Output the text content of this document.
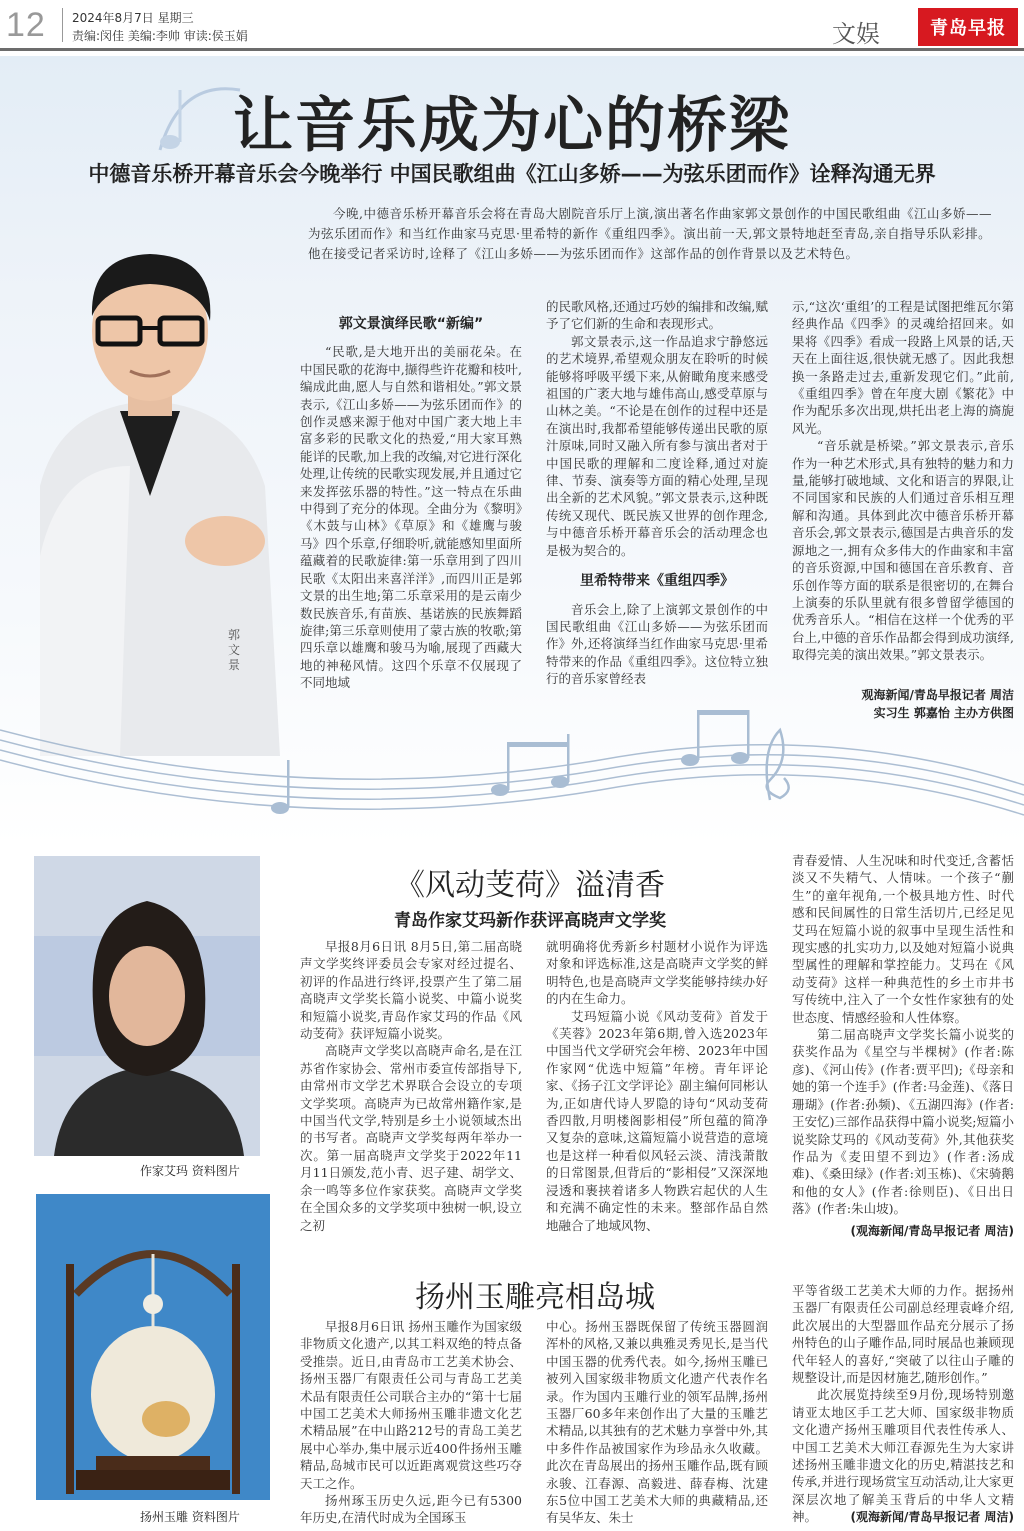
12 2024年8月7日 星期三
责编:闵佳 美编:李帅 审读:侯玉娟	文娱	青岛早报
让音乐成为心的桥梁
中德音乐桥开幕音乐会今晚举行 中国民歌组曲《江山多娇——为弦乐团而作》诠释沟通无界
今晚,中德音乐桥开幕音乐会将在青岛大剧院音乐厅上演,演出著名作曲家郭文景创作的中国民歌组曲《江山多娇——为弦乐团而作》和当红作曲家马克思·里希特的新作《重组四季》。演出前一天,郭文景特地赶至青岛,亲自指导乐队彩排。他在接受记者采访时,诠释了《江山多娇——为弦乐团而作》这部作品的创作背景以及艺术特色。
郭文景
郭文景演绎民歌“新编”

“民歌,是大地开出的美丽花朵。在中国民歌的花海中,撷得些许花瓣和枝叶,编成此曲,愿人与自然和谐相处。”郭文景表示,《江山多娇——为弦乐团而作》的创作灵感来源于他对中国广袤大地上丰富多彩的民歌文化的热爱,“用大家耳熟能详的民歌,加上我的改编,对它进行深化处理,让传统的民歌实现发展,并且通过它来发挥弦乐器的特性。”这一特点在乐曲中得到了充分的体现。全曲分为《黎明》《木鼓与山林》《草原》和《雄鹰与骏马》四个乐章,仔细聆听,就能感知里面所蕴藏着的民歌旋律:第一乐章用到了四川民歌《太阳出来喜洋洋》,而四川正是郭文景的出生地;第二乐章采用的是云南少数民族音乐,有苗族、基诺族的民族舞蹈旋律;第三乐章则使用了蒙古族的牧歌;第四乐章以雄鹰和骏马为喻,展现了西藏大地的神秘风情。这四个乐章不仅展现了不同地域

的民歌风格,还通过巧妙的编排和改编,赋予了它们新的生命和表现形式。

郭文景表示,这一作品追求宁静悠远的艺术境界,希望观众朋友在聆听的时候能够将呼吸平缓下来,从俯瞰角度来感受祖国的广袤大地与雄伟高山,感受草原与山林之美。“不论是在创作的过程中还是在演出时,我都希望能够传递出民歌的原汁原味,同时又融入所有参与演出者对于中国民歌的理解和二度诠释,通过对旋律、节奏、演奏等方面的精心处理,呈现出全新的艺术风貌。”郭文景表示,这种既传统又现代、既民族又世界的创作理念,与中德音乐桥开幕音乐会的活动理念也是极为契合的。

里希特带来《重组四季》

音乐会上,除了上演郭文景创作的中国民歌组曲《江山多娇——为弦乐团而作》外,还将演绎当红作曲家马克思·里希特带来的作品《重组四季》。这位特立独行的音乐家曾经表

示,“这次‘重组’的工程是试图把维瓦尔第经典作品《四季》的灵魂给招回来。如果将《四季》看成一段路上风景的话,天天在上面往返,很快就无感了。因此我想换一条路走过去,重新发现它们。”此前,《重组四季》曾在年度大剧《繁花》中作为配乐多次出现,烘托出老上海的旖旎风光。

“音乐就是桥梁。”郭文景表示,音乐作为一种艺术形式,具有独特的魅力和力量,能够打破地域、文化和语言的界限,让不同国家和民族的人们通过音乐相互理解和沟通。具体到此次中德音乐桥开幕音乐会,郭文景表示,德国是古典音乐的发源地之一,拥有众多伟大的作曲家和丰富的音乐资源,中国和德国在音乐教育、音乐创作等方面的联系是很密切的,在舞台上演奏的乐队里就有很多曾留学德国的优秀音乐人。“相信在这样一个优秀的平台上,中德的音乐作品都会得到成功演绎,取得完美的演出效果。”郭文景表示。

观海新闻/青岛早报记者 周洁
实习生 郭嘉怡 主办方供图
作家艾玛 资料图片
《风动芰荷》溢清香
青岛作家艾玛新作获评高晓声文学奖

早报8月6日讯 8月5日,第二届高晓声文学奖终评委员会专家对经过提名、初评的作品进行终评,投票产生了第二届高晓声文学奖长篇小说奖、中篇小说奖和短篇小说奖,青岛作家艾玛的作品《风动芰荷》获评短篇小说奖。

高晓声文学奖以高晓声命名,是在江苏省作家协会、常州市委宣传部指导下,由常州市文学艺术界联合会设立的专项文学奖项。高晓声为已故常州籍作家,是中国当代文学,特别是乡土小说领域杰出的书写者。高晓声文学奖每两年举办一次。第一届高晓声文学奖于2022年11月11日颁发,范小青、迟子建、胡学文、余一鸣等多位作家获奖。高晓声文学奖在全国众多的文学奖项中独树一帜,设立之初

就明确将优秀新乡村题材小说作为评选对象和评选标准,这是高晓声文学奖的鲜明特色,也是高晓声文学奖能够持续办好的内在生命力。

艾玛短篇小说《风动芰荷》首发于《芙蓉》2023年第6期,曾入选2023年中国当代文学研究会年榜、2023年中国作家网“优选中短篇”年榜。青年评论家、《扬子江文学评论》副主编何同彬认为,正如唐代诗人罗隐的诗句“风动芰荷香四散,月明楼阁影相侵”所包蕴的简净又复杂的意味,这篇短篇小说营造的意境也是这样一种看似风轻云淡、清浅萧散的日常图景,但背后的“影相侵”又深深地浸透和裹挟着诸多人物跌宕起伏的人生和充满不确定性的未来。整部作品自然地融合了地域风物、

青春爱情、人生况味和时代变迁,含蓄恬淡又不失精气、人情味。一个孩子“蒯生”的童年视角,一个极具地方性、时代感和民间属性的日常生活切片,已经足见艾玛在短篇小说的叙事中呈现生活性和现实感的扎实功力,以及她对短篇小说典型属性的理解和掌控能力。艾玛在《风动芰荷》这样一种典范性的乡土市井书写传统中,注入了一个女性作家独有的处世态度、情感经验和人性体察。

第二届高晓声文学奖长篇小说奖的获奖作品为《星空与半棵树》(作者:陈彦)、《河山传》(作者:贾平凹);《母亲和她的第一个连手》(作者:马金莲)、《落日珊瑚》(作者:孙频)、《五湖四海》(作者:王安忆)三部作品获得中篇小说奖;短篇小说奖除艾玛的《风动芰荷》外,其他获奖作品为《麦田望不到边》(作者:汤成难)、《桑田绿》(作者:刘玉栋)、《宋骑鹅和他的女人》(作者:徐则臣)、《日出日落》(作者:朱山坡)。

(观海新闻/青岛早报记者 周洁)
扬州玉雕 资料图片
扬州玉雕亮相岛城

早报8月6日讯 扬州玉雕作为国家级非物质文化遗产,以其工料双绝的特点备受推崇。近日,由青岛市工艺美术协会、扬州玉器厂有限责任公司与青岛工艺美术品有限责任公司联合主办的“第十七届中国工艺美术大师扬州玉雕非遗文化艺术精品展”在中山路212号的青岛工美艺展中心举办,集中展示近400件扬州玉雕精品,岛城市民可以近距离观赏这些巧夺天工之作。

扬州琢玉历史久远,距今已有5300年历史,在清代时成为全国琢玉

中心。扬州玉器既保留了传统玉器圆润浑朴的风格,又兼以典雅灵秀见长,是当代中国玉器的优秀代表。如今,扬州玉雕已被列入国家级非物质文化遗产代表作名录。作为国内玉雕行业的领军品牌,扬州玉器厂60多年来创作出了大量的玉雕艺术精品,以其独有的艺术魅力享誉中外,其中多件作品被国家作为珍品永久收藏。此次在青岛展出的扬州玉雕作品,既有顾永骏、江春源、高毅进、薛春梅、沈建东5位中国工艺美术大师的典藏精品,还有吴华友、朱士

平等省级工艺美术大师的力作。据扬州玉器厂有限责任公司副总经理袁峰介绍,此次展出的大型器皿作品充分展示了扬州特色的山子雕作品,同时展品也兼顾现代年轻人的喜好,“突破了以往山子雕的规整设计,而是因材施艺,随形创作。”

此次展览持续至9月份,现场特别邀请亚太地区手工艺大师、国家级非物质文化遗产扬州玉雕项目代表性传承人、中国工艺美术大师江春源先生为大家讲述扬州玉雕非遗文化的历史,精湛技艺和传承,并进行现场赏宝互动活动,让大家更深层次地了解美玉背后的中华人文精神。	(观海新闻/青岛早报记者 周洁)
